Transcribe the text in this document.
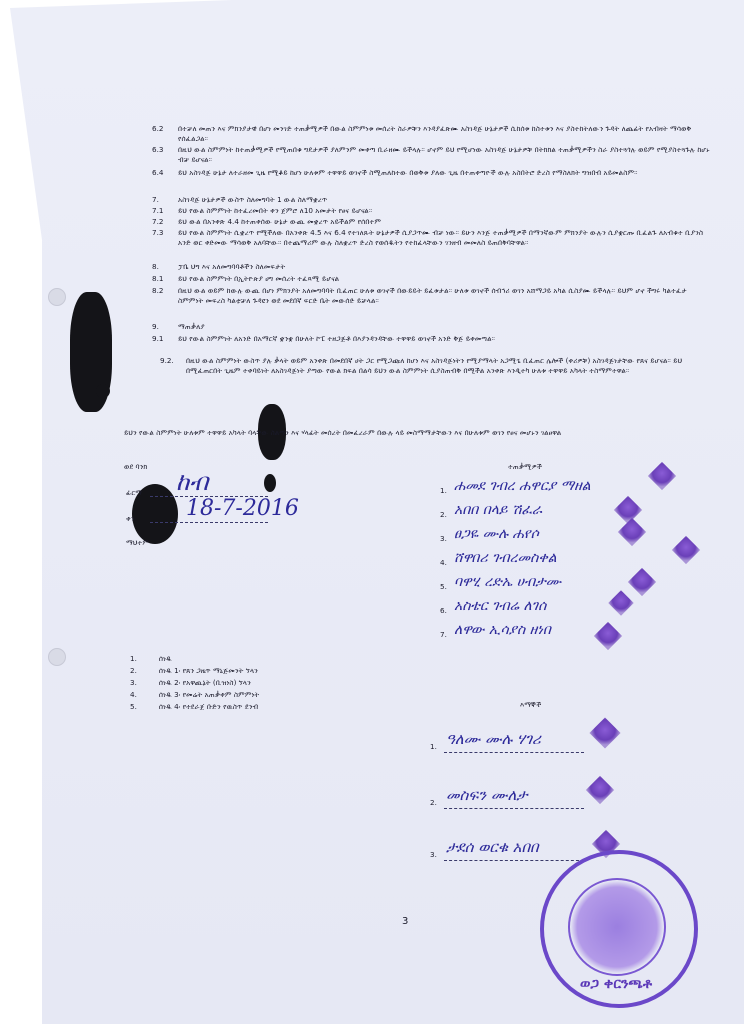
6.2 በተቻለ መጠን እና ምክንያታዊ በሆነ መንገድ ተጠቃሚዎች በውል ስምምነቱ መሰረት ስራዎቹን እንዳያፈጽሙ አስገዳጅ ሁኔታዎች ሲከሰቱ ከስተቱን እና ያስተከትለውን ጉዳት ለጨፊት የአብዛት ማሳወቅ የሰፈልጋል።
6.3 በዚህ ውል ስምምነት ከተጠቃሚዎች የሚጠበቁ ግዴታዎች ያለምንም መቀጣ ቢራዘሙ ይችላሉ። ሆኖም ይህ የሚሆነው አስገዳጅ ሁኔታዎቹ በትክክል ተጠቃሚዎችን ስራ ያስተጓጎሉ ወይም የሚያስተጓጉሉ ከሆኑ ብቻ ይሆናል።
6.4 ይህ አስገዳጅ ሁኔታ ለተራዘመ ጊዜ የሚቆይ ከሆነ ሁለቱም ተዋዋይ ወገኖች ስሚጠለከተው በወቅቱ ያለው ጊዜ በተጠቀጣዮች ውሉ አስበትሮ ድረስ የማስለክት ግዝበብ አይመልስም።
7.	አስገዳጅ ሁኔታዎች ውስጥ ስለመግባት 1 ውል ስለማቋረጥ
7.1 ይህ የውል ስምምነት ከተፈረመበት ቀን ጀምሮ ለ10 አመታት የፀና ይሆናል።
7.2 ይህ ውል በአንቀጽ 4.4 ከተጠቀሰው ሁኔታ ውጪ መቋረጥ አይችልም የሰበተም
7.3 ይህ የውል ስምምነት ሲቋረጥ የሚችለው በአንቀጽ 4.5 እና 6.4 የተገለጹት ሁኔታዎች ሲያጋጥሙ ብቻ ነው። ይሁን እንጅ ተጠቃሚዎች በማንኛውም ምክንያት ውሉን ሲያቋርጡ ቢፈልጉ ለአብቁተ ቢያንስ አንድ ወር ቀድመው ማሳወቅ አለባቸው። በተጨማሪም ውሉ ስለቋረጥ ድረስ የወሰዱትን የተከፈላቸውን ገንዘብ መመለስ ይጠበቅባቸዋል።
8.	ፓቤ ህግ እና አለመግባባቶችን ስለመፍታት
8.1 ይህ የውል ስምምነት በኢትዮጵያ ሀግ መሰረት ተፈጻሚ ይሆናል
8.2 በዚህ ውል ወይም ከውሉ ውጪ በሆነ ምክንያት አለመግባባት ቢፈጠር ሁለቱ ወገኖች በውይይት ይፈቱታል። ሁለቱ ወገኖች ሰብኅሪ ወገን አሸማጋይ አካል ሲስያሙ ይችላሉ። ይህም ሆኖ ችግሩ ካልተፈታ ስምምነት መፍረስ ካልቲቻለ ጉዳዩን ወደ መደበኛ ፍርድ ቤት መውሰድ ይቻላል።
9.	ማጠቃለያ
9.1 ይህ የውል ስምምነት ለአንድ በአማርኛ ቋንቋ በሁለት ኮፒ ተዘጋጅቶ በእያንዳንዳቸው ተዋዋይ ወገኖች አንድ ቅጅ ይቀመጣል።
9.2. በዚህ ውል ስምምነት ውስጥ ያሉ ቃላት ወይም አንቀጽ በመደበኛ ሀት ጋር የሚጋጩለ ከሆነ እና አስገዳጅነትን የሚያማላት አጋሚጌ ቢፈጠር ሌሎች (ቀሪዎቹ) አስገዳጅነታቸው የጸና ይሆናል። ይህ በሚፈጠርበት ጊዜም ተቀባይነት ለአስገዳጅነት ያጣው የውል ክፍል በልሳ ይህን ውል ስምምነት ሲያስጠብቅ በሚችል አንቀጽ እንዲተካ ሁለቱ ተዋዋይ አካላት ተስማምተዋል።
ይህን የውል ስምምነት ሁለቱም ተዋዋይ አካላት ባላቸው ስልጣን እና ሃላፊት መሰረት በመፈረራም በውሉ ላይ መስማማታቸውን እና በሁለቱም ወገን የፀና መሆኑን ገልፀዋል
ወደ ባንክ
ፊርማ
ቀን
ማህተም
ከብ
18-7-2016
ተጠቃሚዎች
1. ሐመደ ገብረ ሐዋርያ ማዘል
2. አበበ በላይ ሽፈራ
3. ፀጋዬ ሙሉ ሐየሶ
4. ሸዋበሪ ገብረመስቀል
5. ባዋሂ ረድኤ ሀብታሙ
6. አስቴር ገብሬ ለገሰ
7. ለዋው ኢሳያስ ዘነበ
1.	ሰነዱ
2.	ሰነዱ 1፡ የጸን ጋዜጥ ማኒጅመንት ኘላን
3.	ሰነዱ 2፡ የአዋጪኔት (ቢዝነስ) ኘላን
4.	ሰነዱ 3፡ የመሬት አጠቃቀም ስምምነት
5.	ሰነዱ 4፡ የተደራጀ ቡድን የዉስጥ ደንብ	እማኞች
1. ዓለሙ ሙሉ ሃገሪ
2. መስፍን ሙለታ
3. ታደሰ ወርቁ አበበ
ወጋ ቀርንጫቶ
3
